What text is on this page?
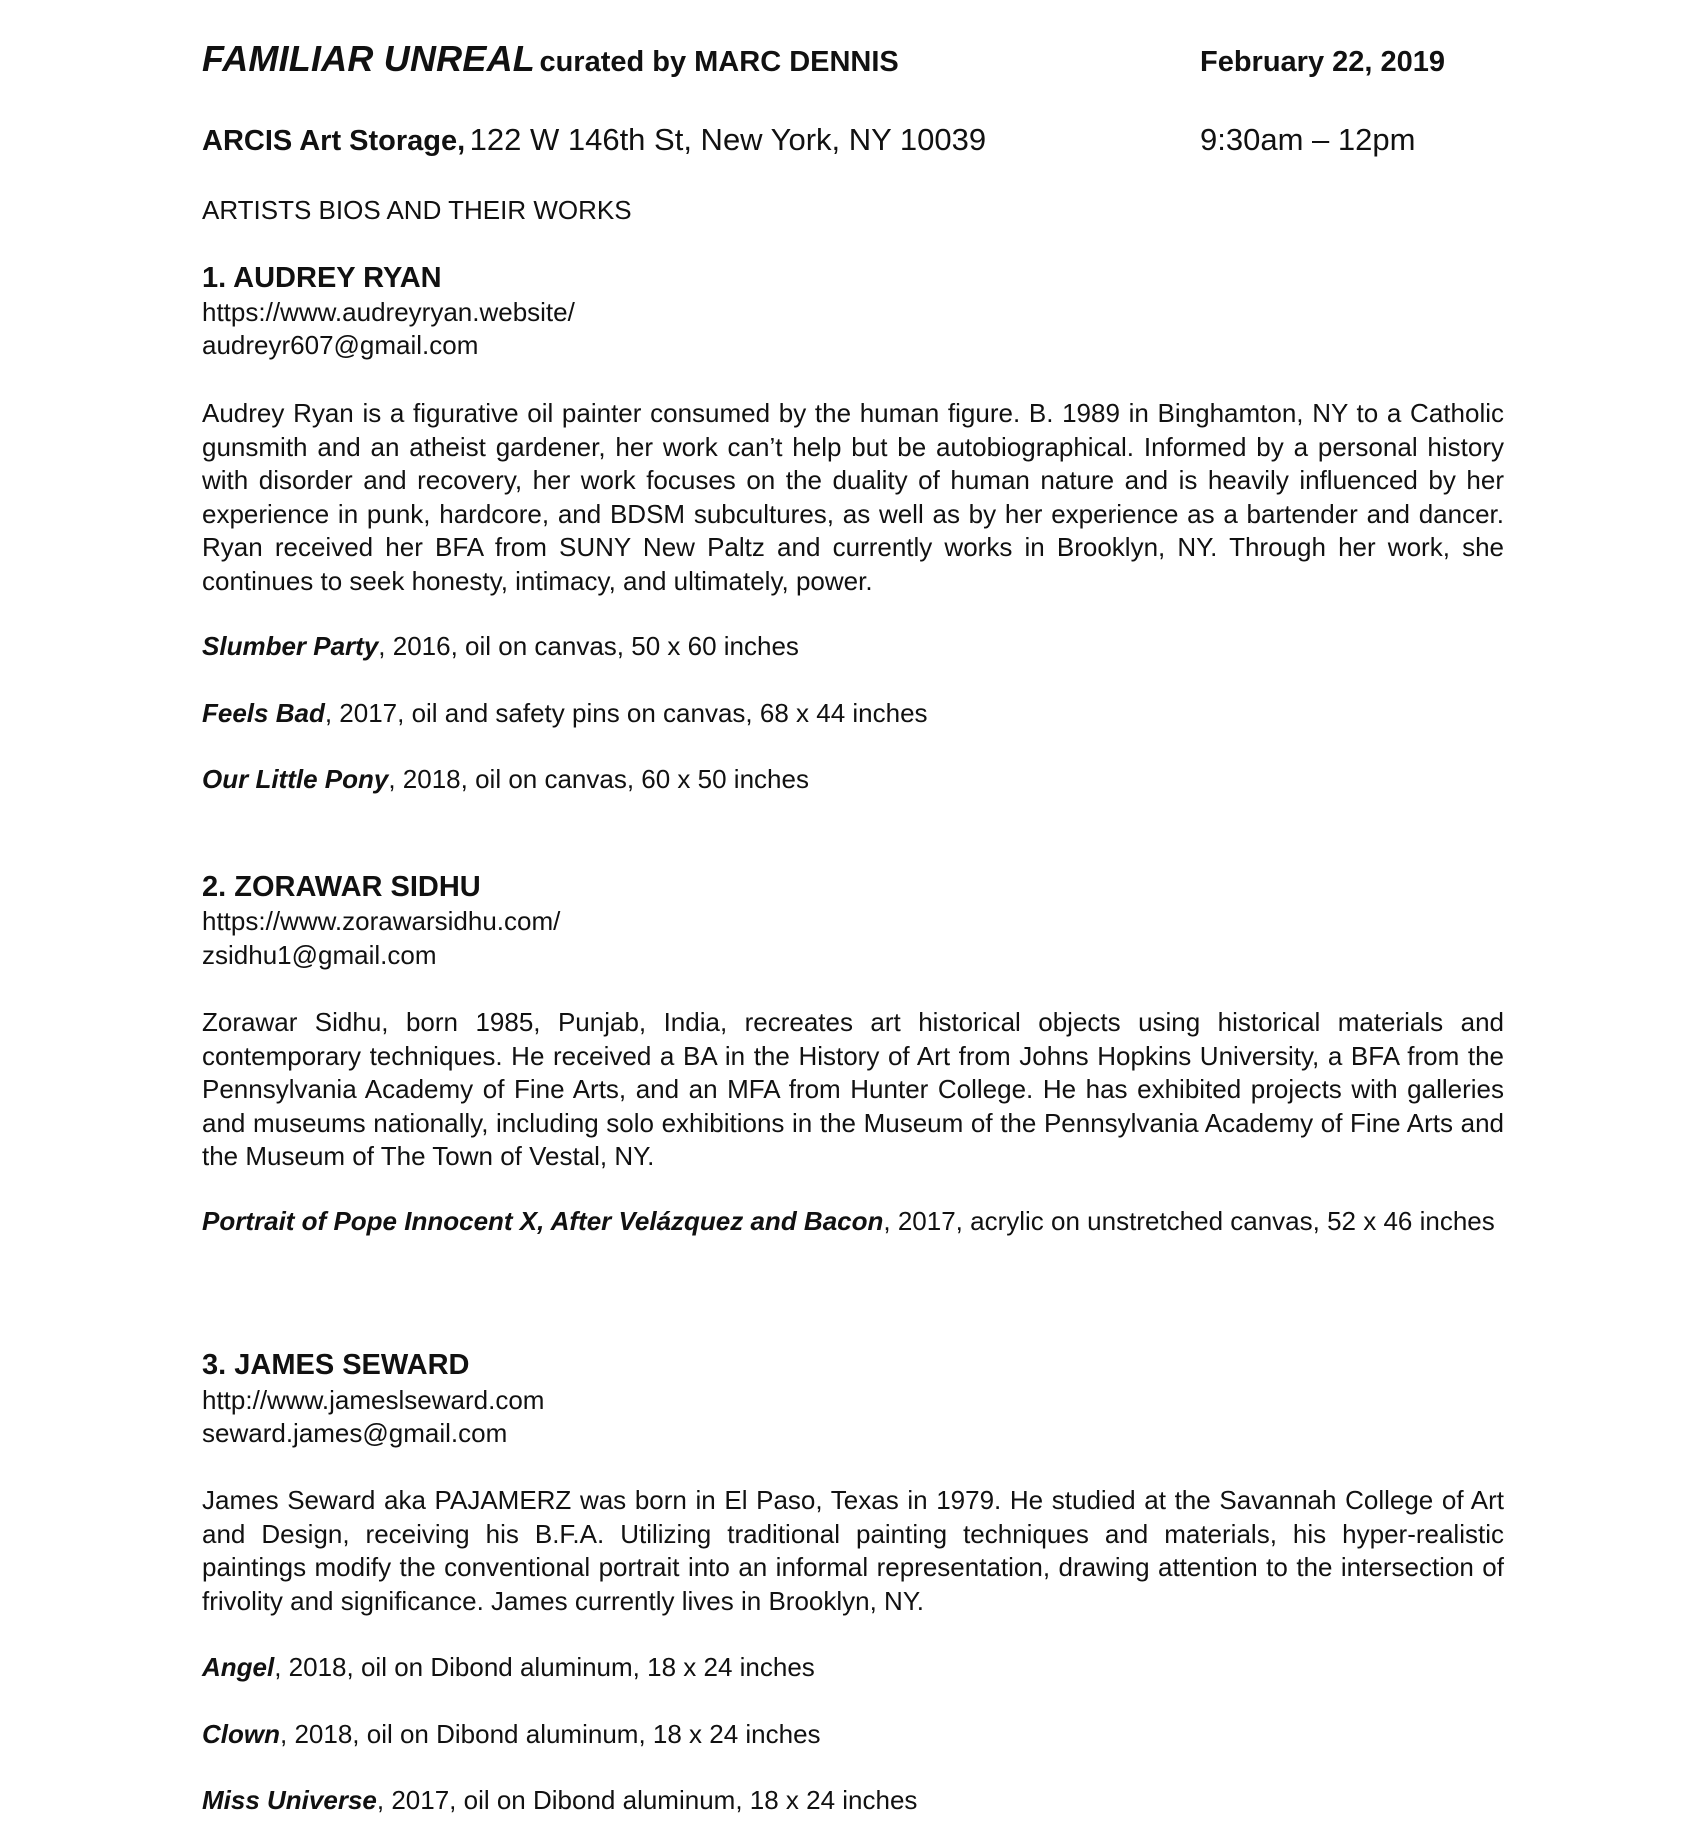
FAMILIAR UNREAL curated by MARC DENNIS	February 22, 2019
ARCIS Art Storage, 122 W 146th St, New York, NY 10039	9:30am – 12pm
ARTISTS BIOS AND THEIR WORKS
1. AUDREY RYAN
https://www.audreyryan.website/
audreyr607@gmail.com

Audrey Ryan is a figurative oil painter consumed by the human figure. B. 1989 in Binghamton, NY to a Catholic gunsmith and an atheist gardener, her work can’t help but be autobiographical. Informed by a personal history with disorder and recovery, her work focuses on the duality of human nature and is heavily influenced by her experience in punk, hardcore, and BDSM subcultures, as well as by her experience as a bartender and dancer. Ryan received her BFA from SUNY New Paltz and currently works in Brooklyn, NY. Through her work, she continues to seek honesty, intimacy, and ultimately, power.

Slumber Party, 2016, oil on canvas, 50 x 60 inches

Feels Bad, 2017, oil and safety pins on canvas, 68 x 44 inches

Our Little Pony, 2018, oil on canvas, 60 x 50 inches

2. ZORAWAR SIDHU
https://www.zorawarsidhu.com/
zsidhu1@gmail.com

Zorawar Sidhu, born 1985, Punjab, India, recreates art historical objects using historical materials and contemporary techniques. He received a BA in the History of Art from Johns Hopkins University, a BFA from the Pennsylvania Academy of Fine Arts, and an MFA from Hunter College. He has exhibited projects with galleries and museums nationally, including solo exhibitions in the Museum of the Pennsylvania Academy of Fine Arts and the Museum of The Town of Vestal, NY.

Portrait of Pope Innocent X, After Velázquez and Bacon, 2017, acrylic on unstretched canvas, 52 x 46 inches

3. JAMES SEWARD
http://www.jameslseward.com
seward.james@gmail.com

James Seward aka PAJAMERZ was born in El Paso, Texas in 1979. He studied at the Savannah College of Art and Design, receiving his B.F.A. Utilizing traditional painting techniques and materials, his hyper-realistic paintings modify the conventional portrait into an informal representation, drawing attention to the intersection of frivolity and significance. James currently lives in Brooklyn, NY.

Angel, 2018, oil on Dibond aluminum, 18 x 24 inches

Clown, 2018, oil on Dibond aluminum, 18 x 24 inches

Miss Universe, 2017, oil on Dibond aluminum, 18 x 24 inches
